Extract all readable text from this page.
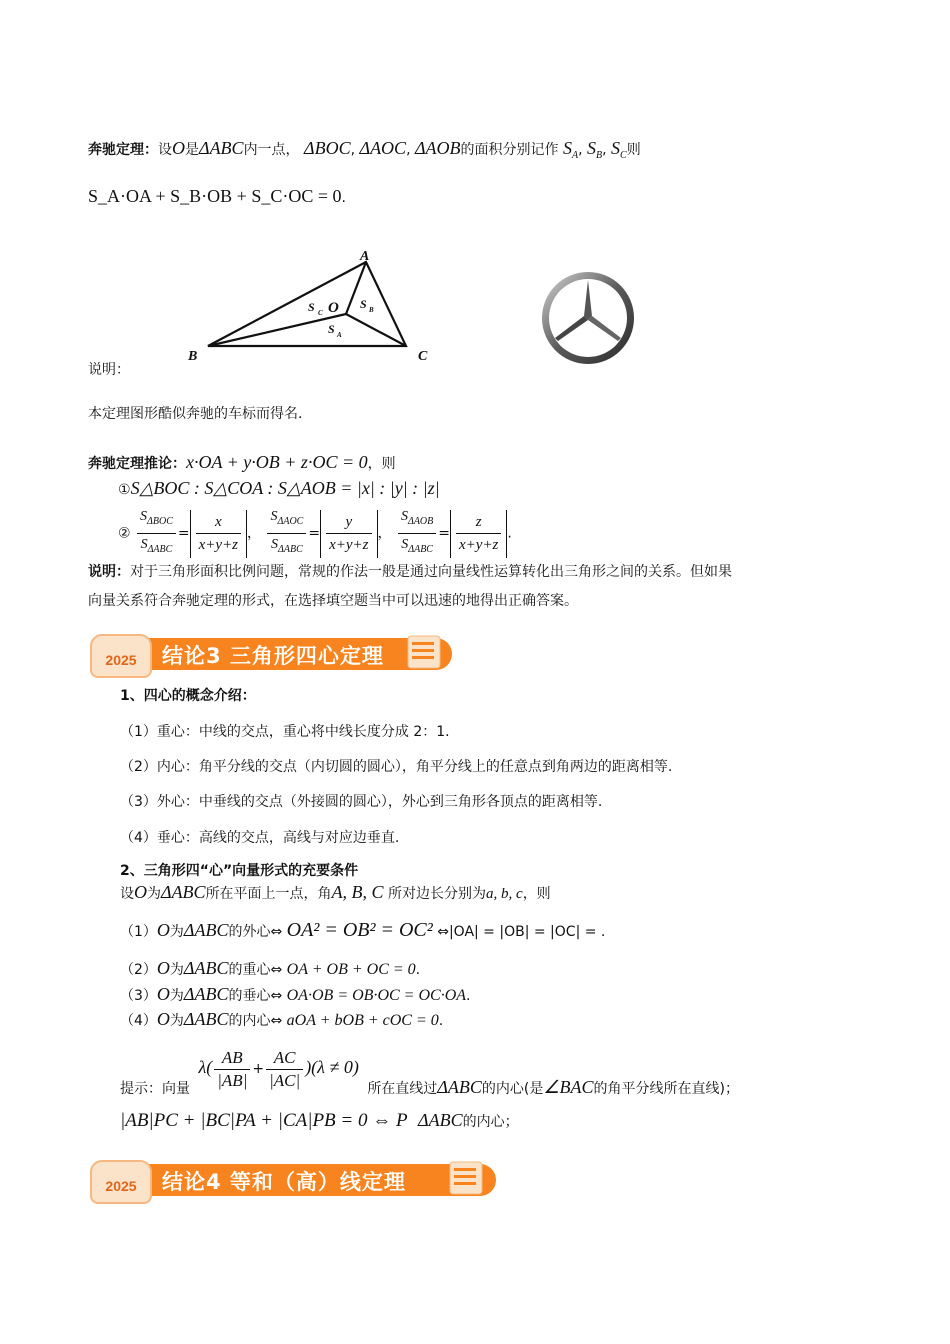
奔驰定理：设O是ΔABC内一点， ΔBOC, ΔAOC, ΔAOB的面积分别记作 $S_A$, $S_B$, $S_C$则
S_A·OA + S_B·OB + S_C·OC = 0.
A
B	C
O
S C
S B
S A
说明：
本定理图形酷似奔驰的车标而得名.
奔驰定理推论：x·OA + y·OB + z·OC = 0，则
①S△BOC : S△COA : S△AOB = |x| : |y| : |z|
② $\frac{S_{\Delta BOC}}{S_{\Delta ABC}} = \frac{x}{x+y+z}$ ， $\frac{S_{\Delta AOC}}{S_{\Delta ABC}} = \frac{y}{x+y+z}$ ， $\frac{S_{\Delta AOB}}{S_{\Delta ABC}} = \frac{z}{x+y+z}$ .
说明：对于三角形面积比例问题，常规的作法一般是通过向量线性运算转化出三角形之间的关系。但如果
向量关系符合奔驰定理的形式，在选择填空题当中可以迅速的地得出正确答案。
2025	结论3 三角形四心定理
1、四心的概念介绍：
（1）重心：中线的交点，重心将中线长度分成 2：1.
（2）内心：角平分线的交点（内切圆的圆心），角平分线上的任意点到角两边的距离相等.
（3）外心：中垂线的交点（外接圆的圆心），外心到三角形各顶点的距离相等.
（4）垂心：高线的交点，高线与对应边垂直.
2、三角形四“心”向量形式的充要条件
设O为ΔABC所在平面上一点，角A, B, C 所对边长分别为a, b, c，则
（1）O为ΔABC的外心⇔ OA² = OB² = OC² ⇔|OA| = |OB| = |OC| = .
（2）O为ΔABC的重心⇔ OA + OB + OC = 0.
（3）O为ΔABC的垂心⇔ OA·OB = OB·OC = OC·OA.
（4）O为ΔABC的内心⇔ aOA + bOB + cOC = 0.
提示：向量 $\lambda( \frac{AB}{|AB|} + \frac{AC}{|AC|} )(\lambda \ne 0)$ 所在直线过ΔABC的内心(是∠BAC的角平分线所在直线)；
|AB|PC + |BC|PA + |CA|PB = 0 ⇔ P ΔABC的内心；
2025	结论4 等和（高）线定理
